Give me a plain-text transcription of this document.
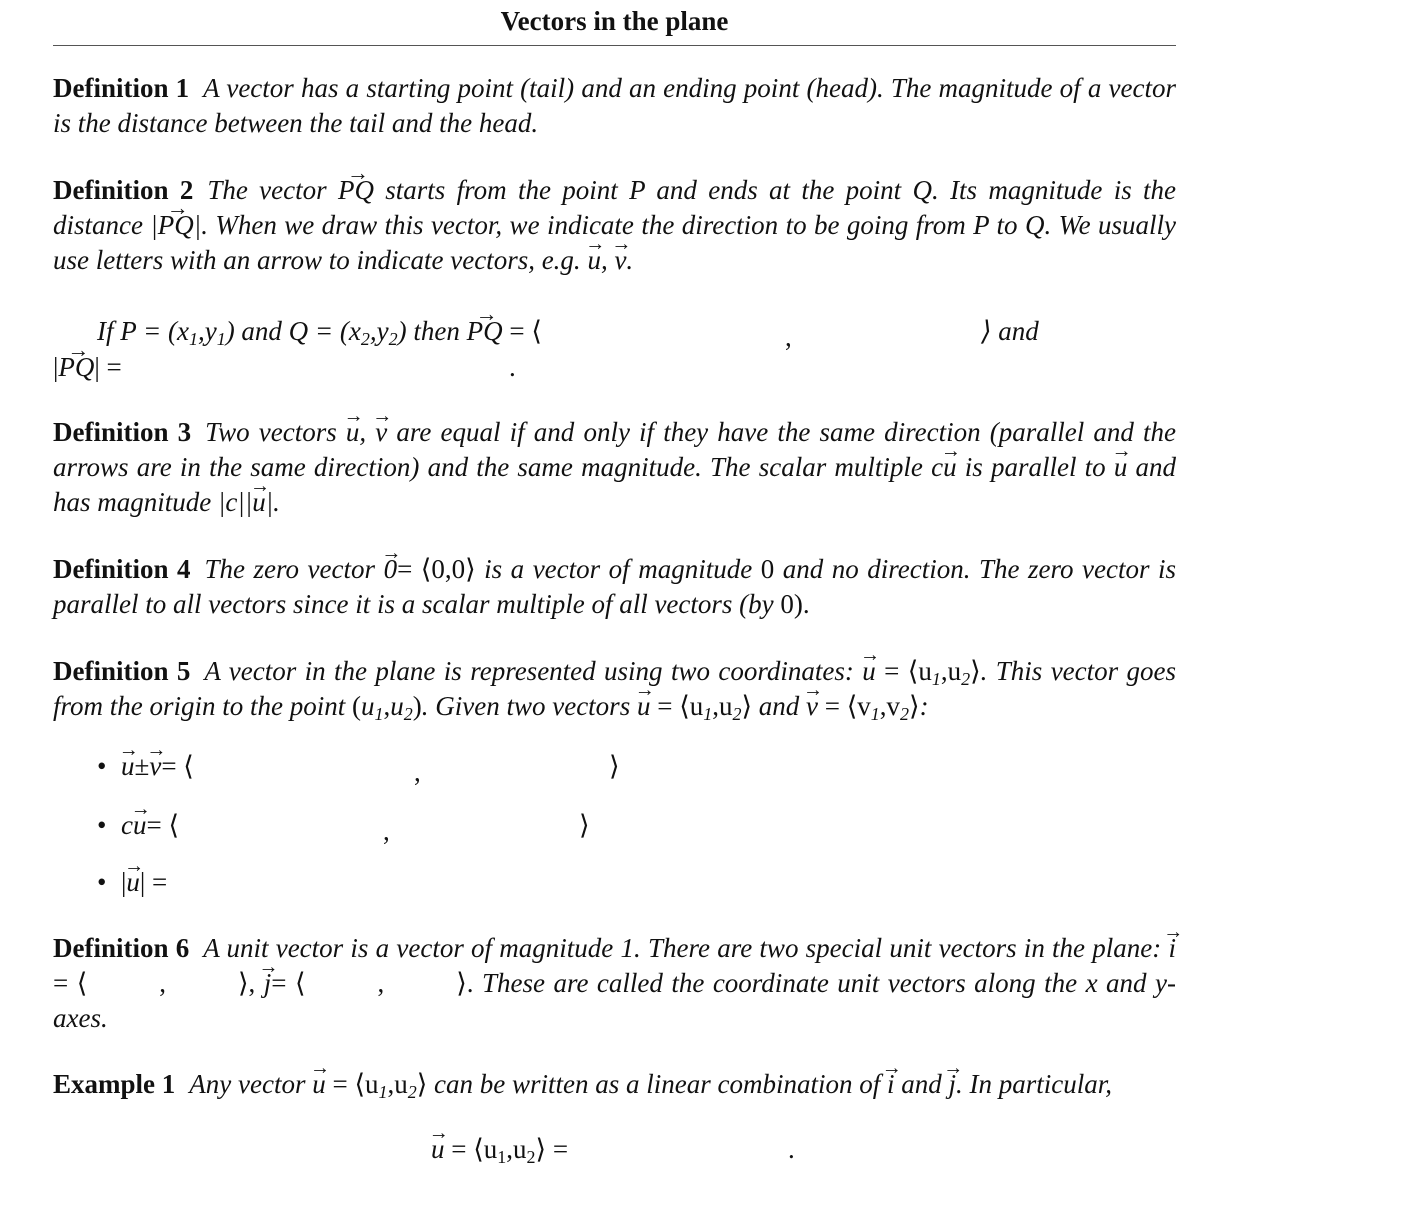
Vectors in the plane
Definition 1 A vector has a starting point (tail) and an ending point (head). The magnitude of a vector is the distance between the tail and the head.
Definition 2 The vector → PQ starts from the point P and ends at the point Q. Its magnitude is the distance |→ PQ|. When we draw this vector, we indicate the direction to be going from P to Q. We usually use letters with an arrow to indicate vectors, e.g. → u, → v.
If $P = (x_1,y_1)$ and $Q = (x_2,y_2)$ then → PQ = ⟨	,	⟩ and
|→ PQ| =	.
Definition 3 Two vectors → u, → v are equal if and only if they have the same direction (parallel and the arrows are in the same direction) and the same magnitude. The scalar multiple c→ u is parallel to → u and has magnitude |c||→ u|.
Definition 4 The zero vector → 0= ⟨0,0⟩ is a vector of magnitude 0 and no direction. The zero vector is parallel to all vectors since it is a scalar multiple of all vectors (by 0).
Definition 5 A vector in the plane is represented using two coordinates: → $u = ⟨u_1,u_2⟩$. This vector goes from the origin to the point $(u_1,u_2)$. Given two vectors → $u = ⟨u_1,u_2⟩$ and → $v = ⟨v_1,v_2⟩$:
• → u±→ v= ⟨	,	⟩
• c→ u= ⟨	,	⟩
• |→ u| =
Definition 6 A unit vector is a vector of magnitude 1. There are two special unit vectors in the plane: → i= ⟨	,	⟩, → j= ⟨	,	⟩. These are called the coordinate unit vectors along the x and y-axes.
Example 1 Any vector → $u = ⟨u_1,u_2⟩$ can be written as a linear combination of → i and → j. In particular,
→ $u = ⟨u_1,u_2⟩$ =	.
